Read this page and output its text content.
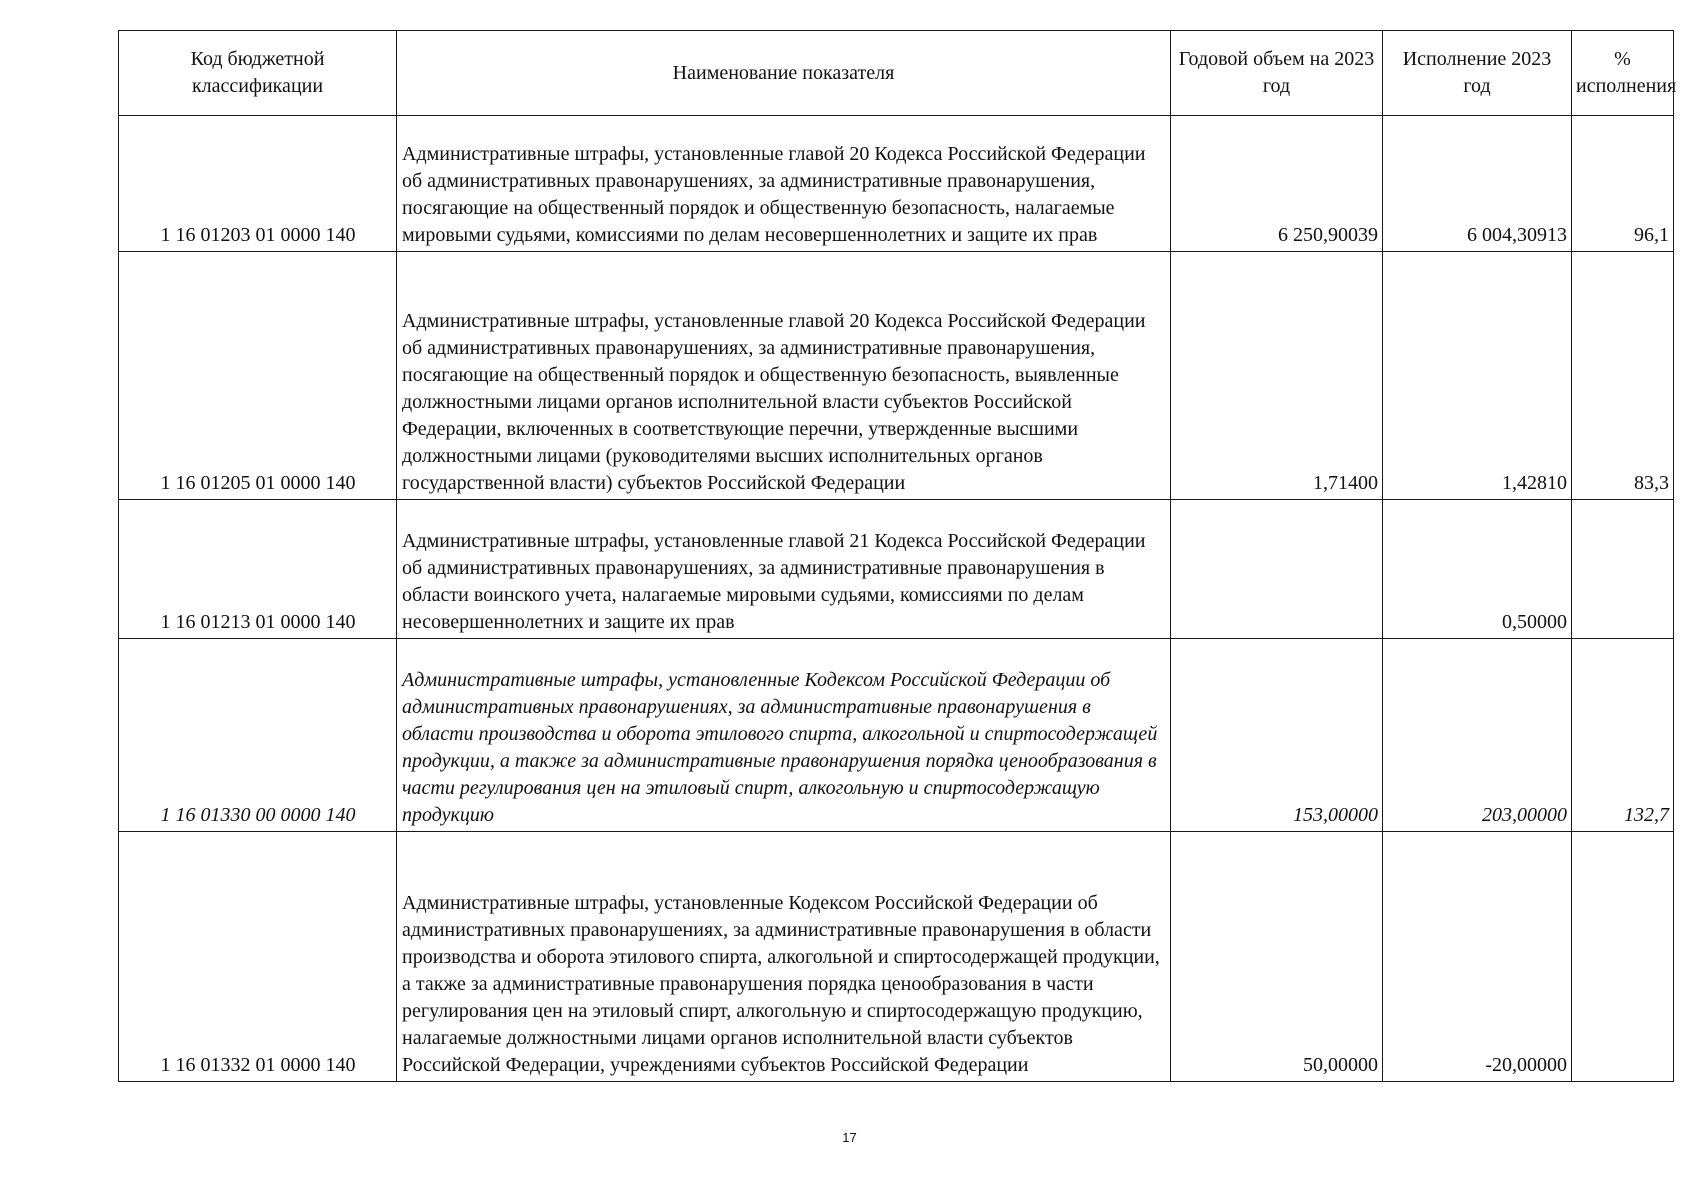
Код бюджетной классификации	Наименование показателя	Годовой объем на 2023 год	Исполнение 2023 год	% исполнения
1 16 01203 01 0000 140	Административные штрафы, установленные главой 20 Кодекса Российской Федерации об административных правонарушениях, за административные правонарушения, посягающие на общественный порядок и общественную безопасность, налагаемые мировыми судьями, комиссиями по делам несовершеннолетних и защите их прав	6 250,90039	6 004,30913	96,1
1 16 01205 01 0000 140	Административные штрафы, установленные главой 20 Кодекса Российской Федерации об административных правонарушениях, за административные правонарушения, посягающие на общественный порядок и общественную безопасность, выявленные должностными лицами органов исполнительной власти субъектов Российской Федерации, включенных в соответствующие перечни, утвержденные высшими должностными лицами (руководителями высших исполнительных органов государственной власти) субъектов Российской Федерации	1,71400	1,42810	83,3
1 16 01213 01 0000 140	Административные штрафы, установленные главой 21 Кодекса Российской Федерации об административных правонарушениях, за административные правонарушения в области воинского учета, налагаемые мировыми судьями, комиссиями по делам несовершеннолетних и защите их прав		0,50000	
1 16 01330 00 0000 140	Административные штрафы, установленные Кодексом Российской Федерации об административных правонарушениях, за административные правонарушения в области производства и оборота этилового спирта, алкогольной и спиртосодержащей продукции, а также за административные правонарушения порядка ценообразования в части регулирования цен на этиловый спирт, алкогольную и спиртосодержащую продукцию	153,00000	203,00000	132,7
1 16 01332 01 0000 140	Административные штрафы, установленные Кодексом Российской Федерации об административных правонарушениях, за административные правонарушения в области производства и оборота этилового спирта, алкогольной и спиртосодержащей продукции, а также за административные правонарушения порядка ценообразования в части регулирования цен на этиловый спирт, алкогольную и спиртосодержащую продукцию, налагаемые должностными лицами органов исполнительной власти субъектов Российской Федерации, учреждениями субъектов Российской Федерации	50,00000	-20,00000	
17
